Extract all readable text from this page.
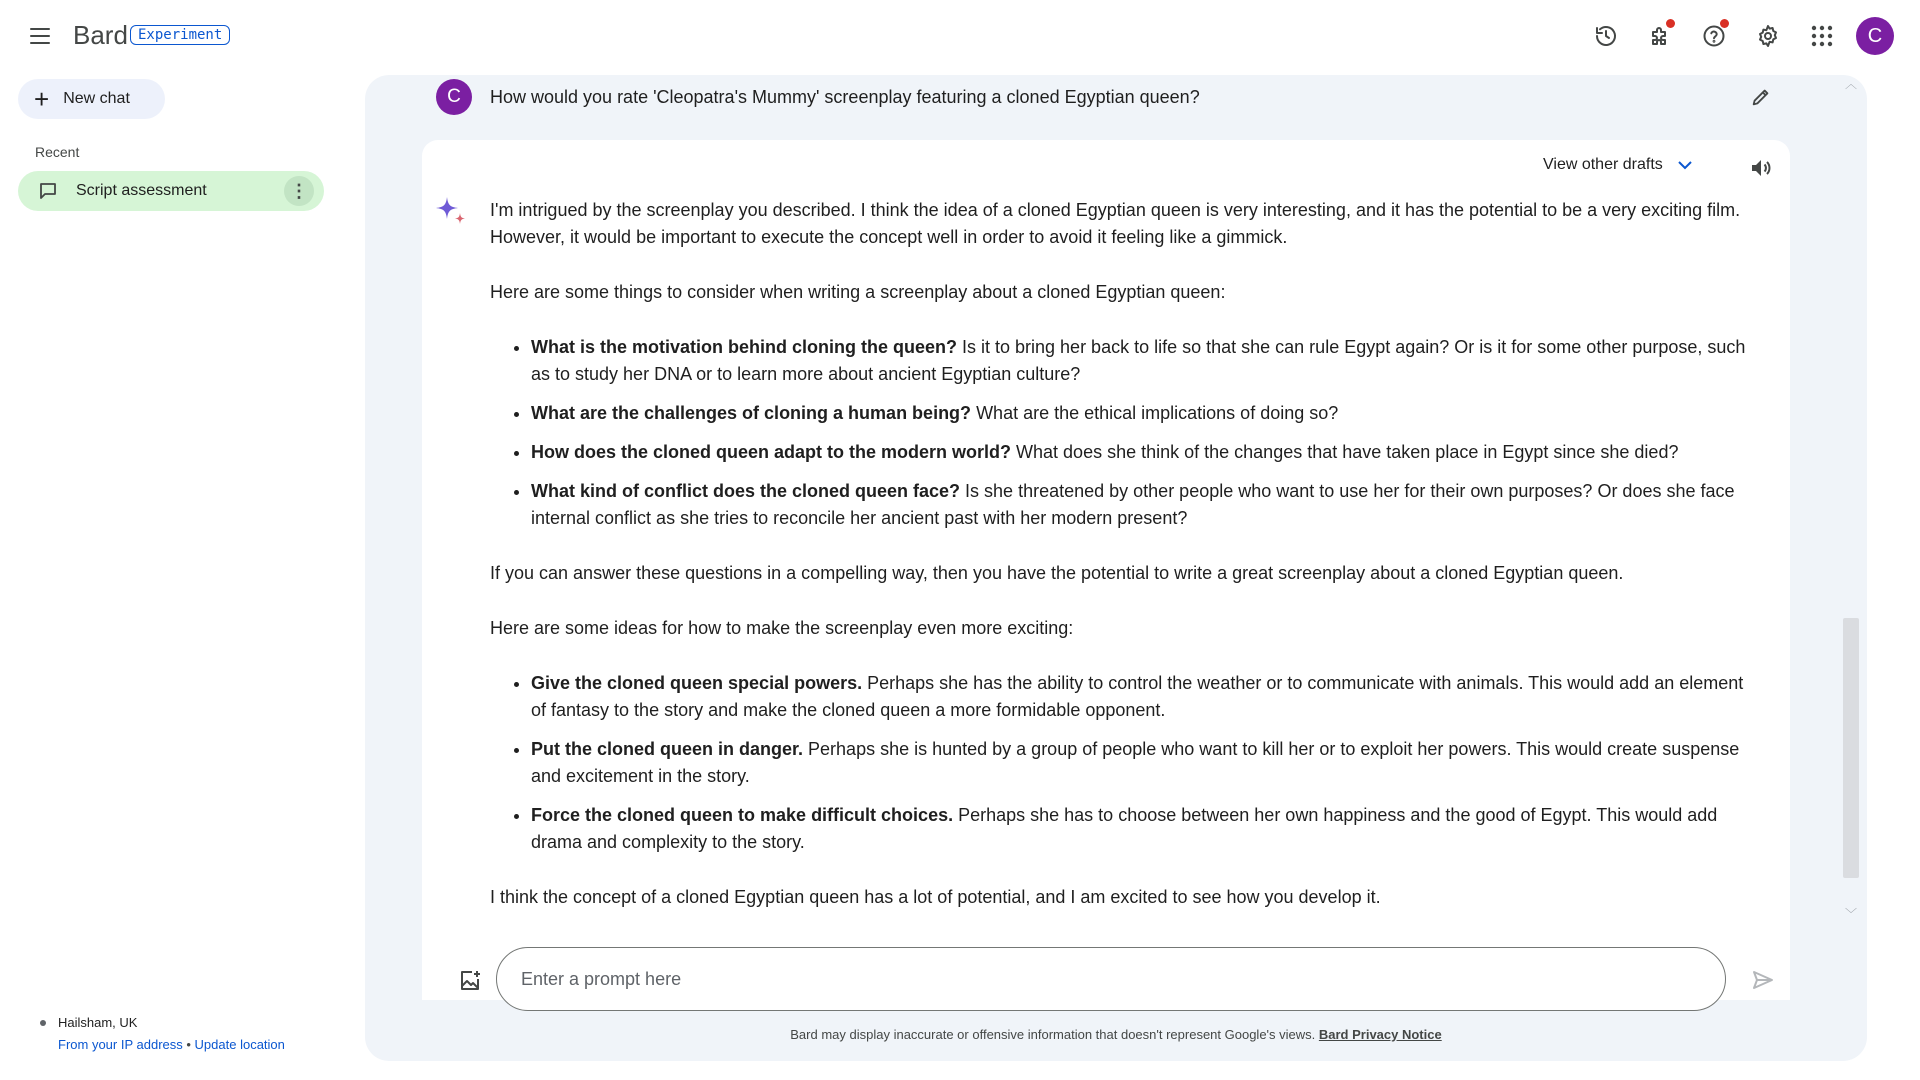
Bard Experiment	C
+ New chat
Recent
Script assessment	⋮
Hailsham, UK
From your IP address • Update location
C	How would you rate 'Cleopatra's Mummy' screenplay featuring a cloned Egyptian queen?
View other drafts

I'm intrigued by the screenplay you described. I think the idea of a cloned Egyptian queen is very interesting, and it has the potential to be a very exciting film. However, it would be important to execute the concept well in order to avoid it feeling like a gimmick.

Here are some things to consider when writing a screenplay about a cloned Egyptian queen:

• What is the motivation behind cloning the queen? Is it to bring her back to life so that she can rule Egypt again? Or is it for some other purpose, such as to study her DNA or to learn more about ancient Egyptian culture?
• What are the challenges of cloning a human being? What are the ethical implications of doing so?
• How does the cloned queen adapt to the modern world? What does she think of the changes that have taken place in Egypt since she died?
• What kind of conflict does the cloned queen face? Is she threatened by other people who want to use her for their own purposes? Or does she face internal conflict as she tries to reconcile her ancient past with her modern present?

If you can answer these questions in a compelling way, then you have the potential to write a great screenplay about a cloned Egyptian queen.

Here are some ideas for how to make the screenplay even more exciting:

• Give the cloned queen special powers. Perhaps she has the ability to control the weather or to communicate with animals. This would add an element of fantasy to the story and make the cloned queen a more formidable opponent.
• Put the cloned queen in danger. Perhaps she is hunted by a group of people who want to kill her or to exploit her powers. This would create suspense and excitement in the story.
• Force the cloned queen to make difficult choices. Perhaps she has to choose between her own happiness and the good of Egypt. This would add drama and complexity to the story.

I think the concept of a cloned Egyptian queen has a lot of potential, and I am excited to see how you develop it.

︿
﹀
Enter a prompt here
Bard may display inaccurate or offensive information that doesn't represent Google's views. Bard Privacy Notice
